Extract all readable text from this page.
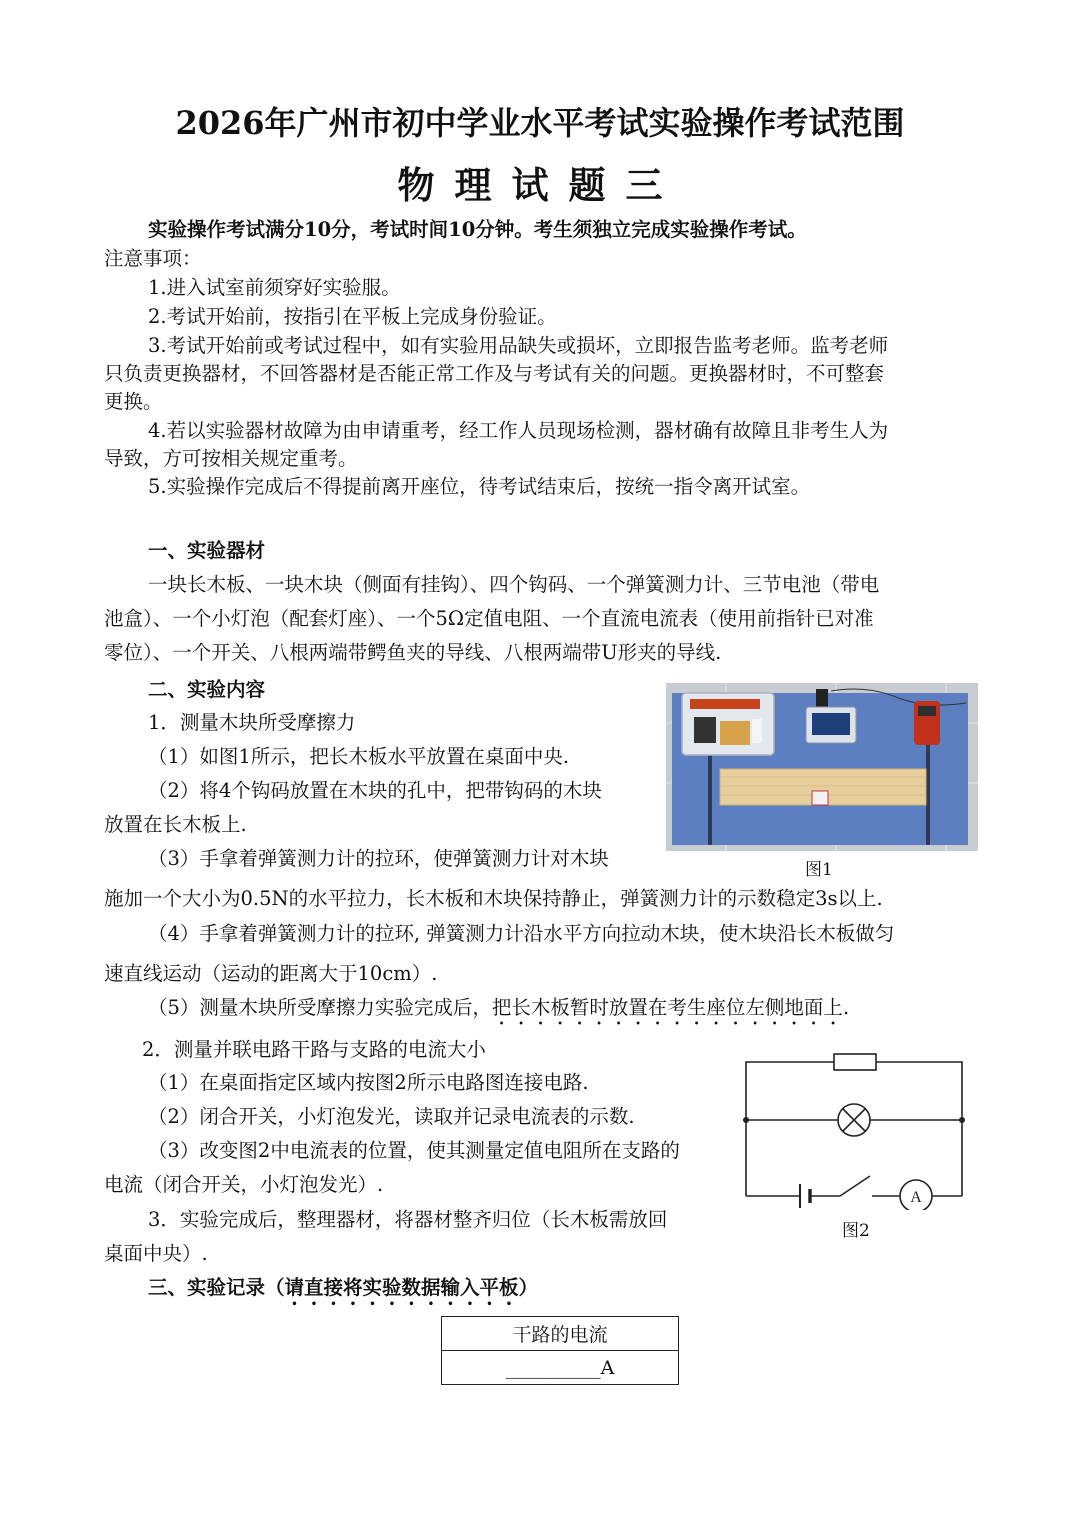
2026年广州市初中学业水平考试实验操作考试范围
物理试题三
实验操作考试满分10分，考试时间10分钟。考生须独立完成实验操作考试。
注意事项：
1.进入试室前须穿好实验服。
2.考试开始前，按指引在平板上完成身份验证。
3.考试开始前或考试过程中，如有实验用品缺失或损坏，立即报告监考老师。监考老师
只负责更换器材，不回答器材是否能正常工作及与考试有关的问题。更换器材时，不可整套
更换。
4.若以实验器材故障为由申请重考，经工作人员现场检测，器材确有故障且非考生人为
导致，方可按相关规定重考。
5.实验操作完成后不得提前离开座位，待考试结束后，按统一指令离开试室。
一、实验器材
一块长木板、一块木块（侧面有挂钩）、四个钩码、一个弹簧测力计、三节电池（带电
池盒）、一个小灯泡（配套灯座）、一个5Ω定值电阻、一个直流电流表（使用前指针已对准
零位）、一个开关、八根两端带鳄鱼夹的导线、八根两端带U形夹的导线.
二、实验内容
1．测量木块所受摩擦力
（1）如图1所示，把长木板水平放置在桌面中央.
（2）将4个钩码放置在木块的孔中，把带钩码的木块
放置在长木板上.
（3）手拿着弹簧测力计的拉环，使弹簧测力计对木块
施加一个大小为0.5N的水平拉力，长木板和木块保持静止，弹簧测力计的示数稳定3s以上.
（4）手拿着弹簧测力计的拉环, 弹簧测力计沿水平方向拉动木块，使木块沿长木板做匀
速直线运动（运动的距离大于10cm）.
（5）测量木块所受摩擦力实验完成后，把长木板暂时放置在考生座位左侧地面上.
2．测量并联电路干路与支路的电流大小
（1）在桌面指定区域内按图2所示电路图连接电路.
（2）闭合开关，小灯泡发光，读取并记录电流表的示数.
（3）改变图2中电流表的位置，使其测量定值电阻所在支路的
电流（闭合开关，小灯泡发光）.
3．实验完成后，整理器材，将器材整齐归位（长木板需放回
桌面中央）.
图1
A
图2
三、实验记录（请直接将实验数据输入平板）
干路的电流
__________A
